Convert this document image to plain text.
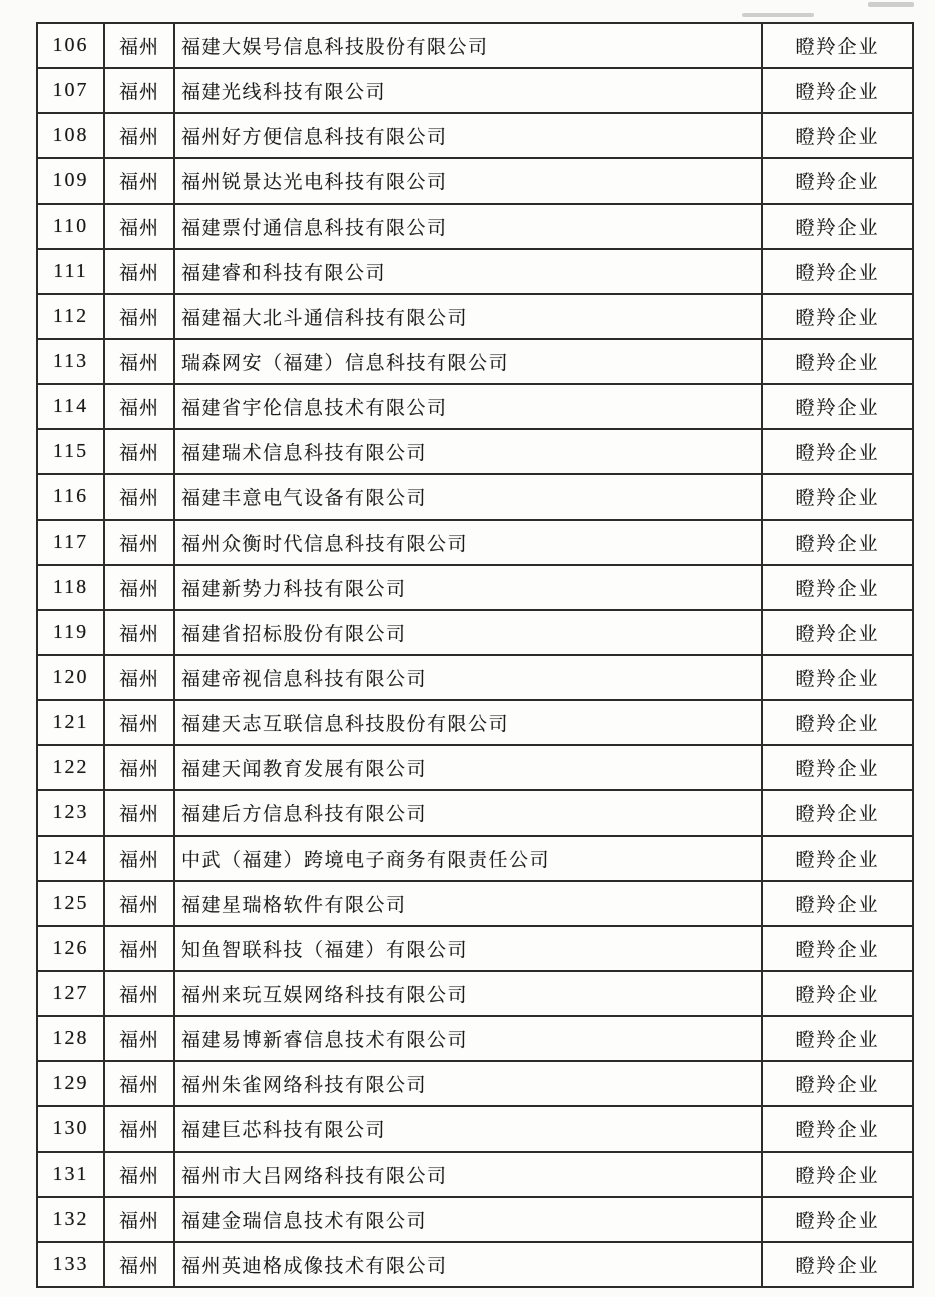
106	福州	福建大娱号信息科技股份有限公司	瞪羚企业
107	福州	福建光线科技有限公司	瞪羚企业
108	福州	福州好方便信息科技有限公司	瞪羚企业
109	福州	福州锐景达光电科技有限公司	瞪羚企业
110	福州	福建票付通信息科技有限公司	瞪羚企业
111	福州	福建睿和科技有限公司	瞪羚企业
112	福州	福建福大北斗通信科技有限公司	瞪羚企业
113	福州	瑞森网安（福建）信息科技有限公司	瞪羚企业
114	福州	福建省宇伦信息技术有限公司	瞪羚企业
115	福州	福建瑞术信息科技有限公司	瞪羚企业
116	福州	福建丰意电气设备有限公司	瞪羚企业
117	福州	福州众衡时代信息科技有限公司	瞪羚企业
118	福州	福建新势力科技有限公司	瞪羚企业
119	福州	福建省招标股份有限公司	瞪羚企业
120	福州	福建帝视信息科技有限公司	瞪羚企业
121	福州	福建天志互联信息科技股份有限公司	瞪羚企业
122	福州	福建天闻教育发展有限公司	瞪羚企业
123	福州	福建后方信息科技有限公司	瞪羚企业
124	福州	中武（福建）跨境电子商务有限责任公司	瞪羚企业
125	福州	福建星瑞格软件有限公司	瞪羚企业
126	福州	知鱼智联科技（福建）有限公司	瞪羚企业
127	福州	福州来玩互娱网络科技有限公司	瞪羚企业
128	福州	福建易博新睿信息技术有限公司	瞪羚企业
129	福州	福州朱雀网络科技有限公司	瞪羚企业
130	福州	福建巨芯科技有限公司	瞪羚企业
131	福州	福州市大吕网络科技有限公司	瞪羚企业
132	福州	福建金瑞信息技术有限公司	瞪羚企业
133	福州	福州英迪格成像技术有限公司	瞪羚企业
